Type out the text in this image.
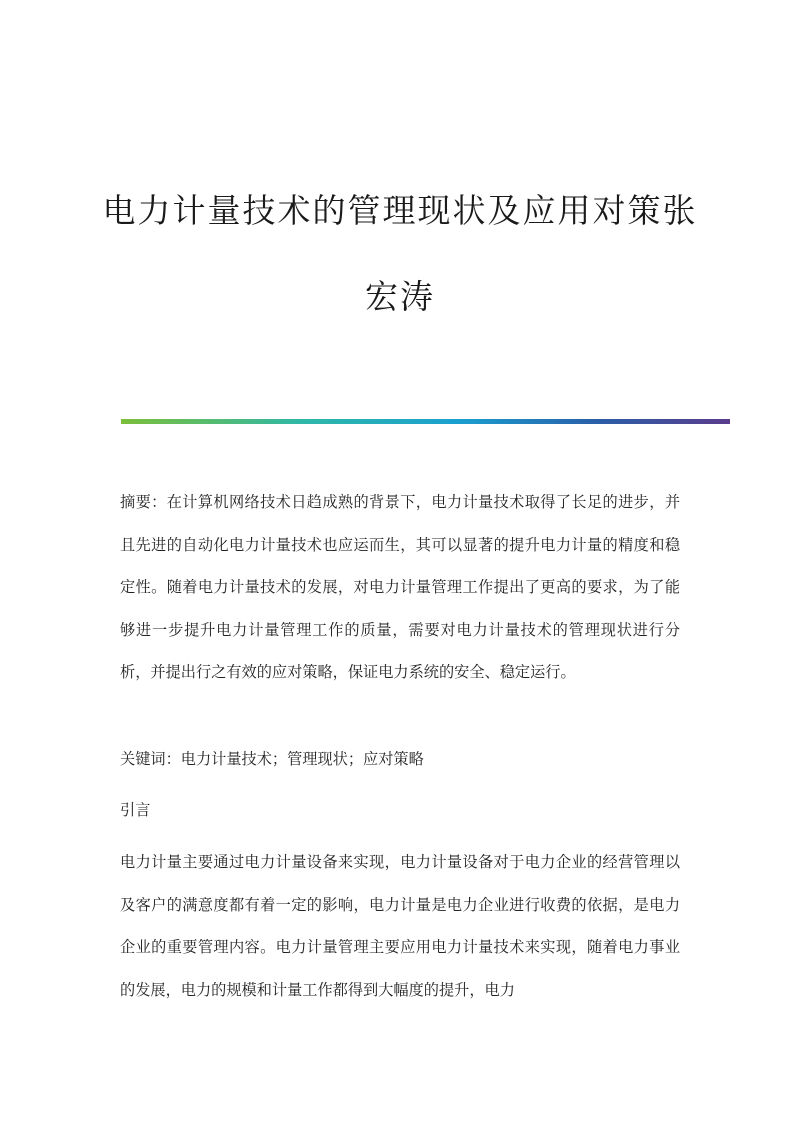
电力计量技术的管理现状及应用对策张
宏涛

摘要：在计算机网络技术日趋成熟的背景下，电力计量技术取得了长足的进步，并且先进的自动化电力计量技术也应运而生，其可以显著的提升电力计量的精度和稳定性。随着电力计量技术的发展，对电力计量管理工作提出了更高的要求，为了能够进一步提升电力计量管理工作的质量，需要对电力计量技术的管理现状进行分析，并提出行之有效的应对策略，保证电力系统的安全、稳定运行。

关键词：电力计量技术；管理现状；应对策略
引言

电力计量主要通过电力计量设备来实现，电力计量设备对于电力企业的经营管理以及客户的满意度都有着一定的影响，电力计量是电力企业进行收费的依据，是电力企业的重要管理内容。电力计量管理主要应用电力计量技术来实现，随着电力事业的发展，电力的规模和计量工作都得到大幅度的提升，电力
